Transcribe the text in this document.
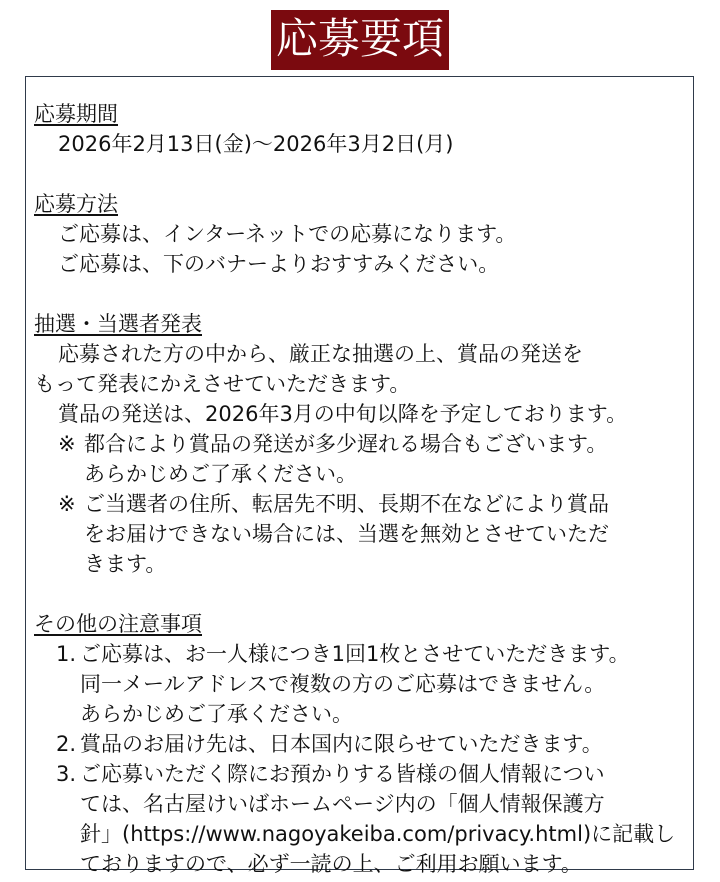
応募要項
応募期間
2026年2月13日(金)〜2026年3月2日(月)
応募方法
ご応募は、インターネットでの応募になります。
ご応募は、下のバナーよりおすすみください。
抽選・当選者発表
応募された方の中から、厳正な抽選の上、賞品の発送を
もって発表にかえさせていただきます。
賞品の発送は、2026年3月の中旬以降を予定しております。
※ 都合により賞品の発送が多少遅れる場合もございます。
あらかじめご了承ください。
※ ご当選者の住所、転居先不明、長期不在などにより賞品
をお届けできない場合には、当選を無効とさせていただ
きます。
その他の注意事項
1. ご応募は、お一人様につき1回1枚とさせていただきます。
同一メールアドレスで複数の方のご応募はできません。
あらかじめご了承ください。
2. 賞品のお届け先は、日本国内に限らせていただきます。
3. ご応募いただく際にお預かりする皆様の個人情報につい
ては、名古屋けいばホームページ内の「個人情報保護方
針」(https://www.nagoyakeiba.com/privacy.html)に記載し
ておりますので、必ず一読の上、ご利用お願います。
